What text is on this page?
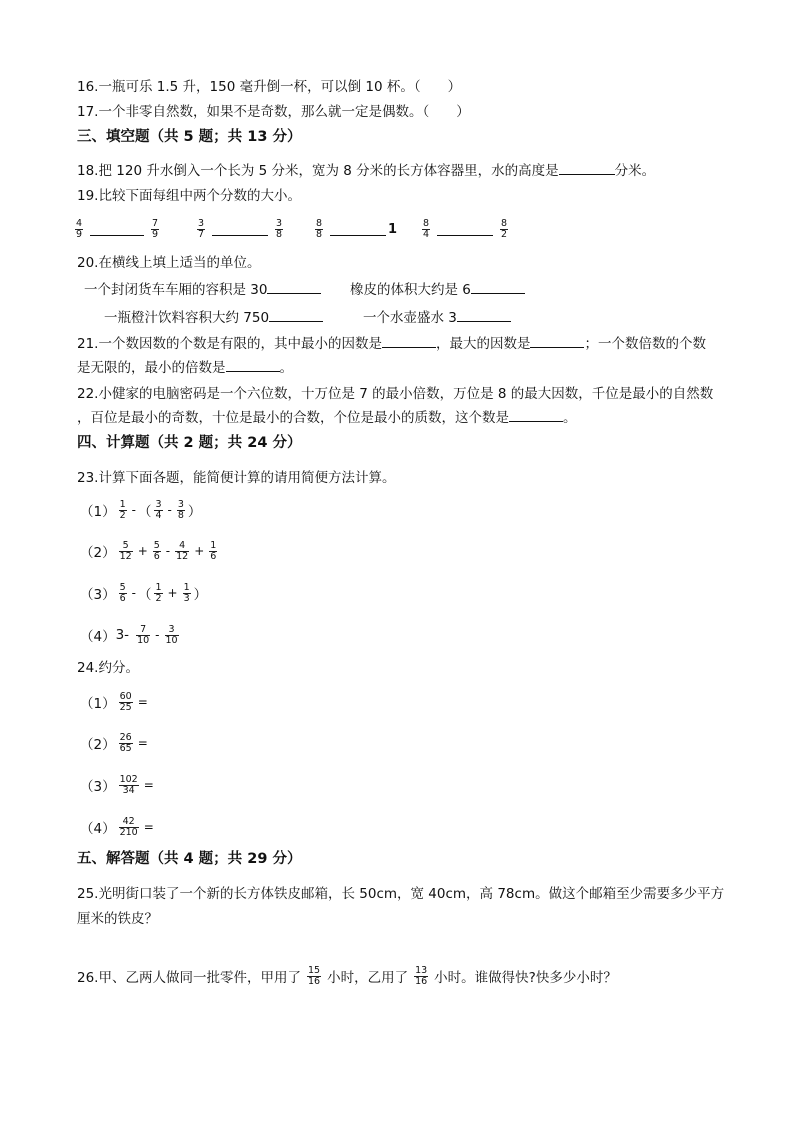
16.一瓶可乐 1.5 升，150 毫升倒一杯，可以倒 10 杯。（　　）
17.一个非零自然数，如果不是奇数，那么就一定是偶数。（　　）
三、填空题（共 5 题；共 13 分）
18.把 120 升水倒入一个长为 5 分米，宽为 8 分米的长方体容器里，水的高度是	分米。
19.比较下面每组中两个分数的大小。
$\frac{4}{9}$	$\frac{7}{9}$	$\frac{3}{7}$	$\frac{3}{8}$	$\frac{8}{8}$	1	$\frac{8}{4}$	$\frac{8}{2}$
20.在横线上填上适当的单位。
一个封闭货车车厢的容积是 30	橡皮的体积大约是 6
一瓶橙汁饮料容积大约 750	一个水壶盛水 3
21.一个数因数的个数是有限的，其中最小的因数是	，最大的因数是	；一个数倍数的个数
是无限的，最小的倍数是	。
22.小健家的电脑密码是一个六位数，十万位是 7 的最小倍数，万位是 8 的最大因数，千位是最小的自然数
，百位是最小的奇数，十位是最小的合数，个位是最小的质数，这个数是	。
四、计算题（共 2 题；共 24 分）
23.计算下面各题，能简便计算的请用简便方法计算。
$(1) \frac{1}{2}$ - （ $\frac{3}{4} - \frac{3}{8}$ ）
$(2) \frac{5}{12} + \frac{5}{6} - \frac{4}{12} + \frac{1}{6}$
$(3) \frac{5}{6}$ - （ $\frac{1}{2} + \frac{1}{3}$ ）
（4） $3- \frac{7}{10} - \frac{3}{10}$
24.约分。
$(1) \frac{60}{25}$ =
$(2) \frac{26}{65}$ =
$(3) \frac{102}{34}$ =
$(4) \frac{42}{210}$ =
五、解答题（共 4 题；共 29 分）
25.光明街口装了一个新的长方体铁皮邮箱，长 50cm，宽 40cm，高 78cm。做这个邮箱至少需要多少平方
厘米的铁皮？
26.甲、乙两人做同一批零件，甲用了 $\frac{15}{16}$ 小时，乙用了 $\frac{13}{16}$ 小时。谁做得快?快多少小时？
